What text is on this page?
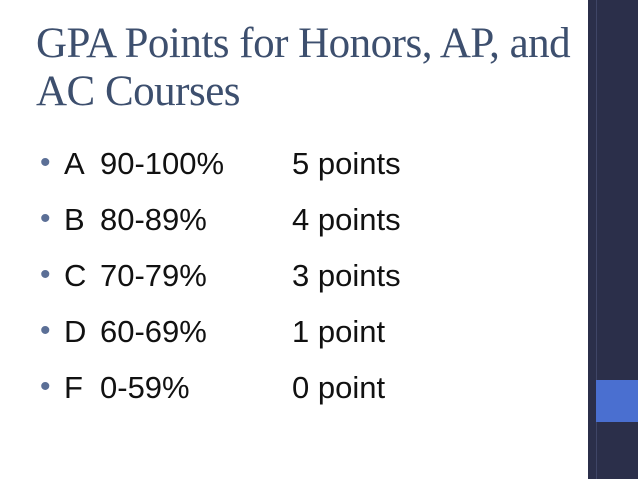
GPA Points for Honors, AP, and
AC Courses
• A 90-100% 5 points
• B 80-89%	4 points
• C 70-79%	3 points
• D 60-69%	1 point
• F 0-59%	0 point
